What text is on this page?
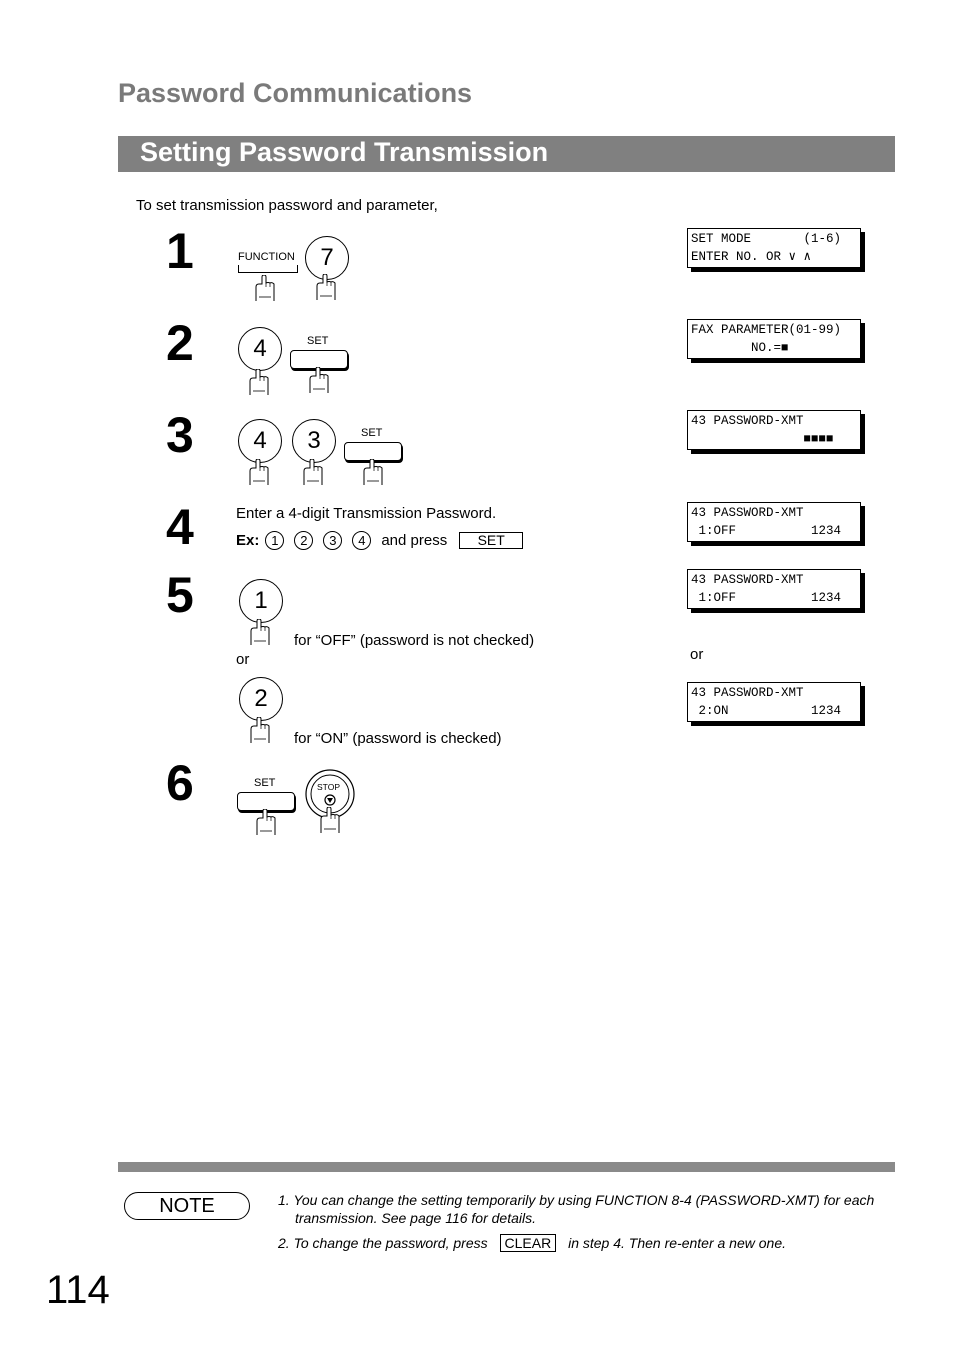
Password Communications
Setting Password Transmission
To set transmission password and parameter,
1	FUNCTION	7
SET MODE       (1-6)
ENTER NO. OR ∨ ∧
2	4	SET
FAX PARAMETER(01-99)
NO.=■
3	4	3	SET
43 PASSWORD-XMT
■■■■
4	Enter a 4-digit Transmission Password.
Ex: 1	2	3	4	and press	SET
43 PASSWORD-XMT
1:OFF          1234
5	1
for “OFF” (password is not checked)
or
2
for “ON” (password is checked)
43 PASSWORD-XMT
1:OFF          1234
or
43 PASSWORD-XMT
2:ON           1234
6	SET	STOP
NOTE	1. You can change the setting temporarily by using FUNCTION 8-4 (PASSWORD-XMT) for each
transmission. See page 116 for details.
2. To change the password, press CLEAR in step 4. Then re-enter a new one.
114
